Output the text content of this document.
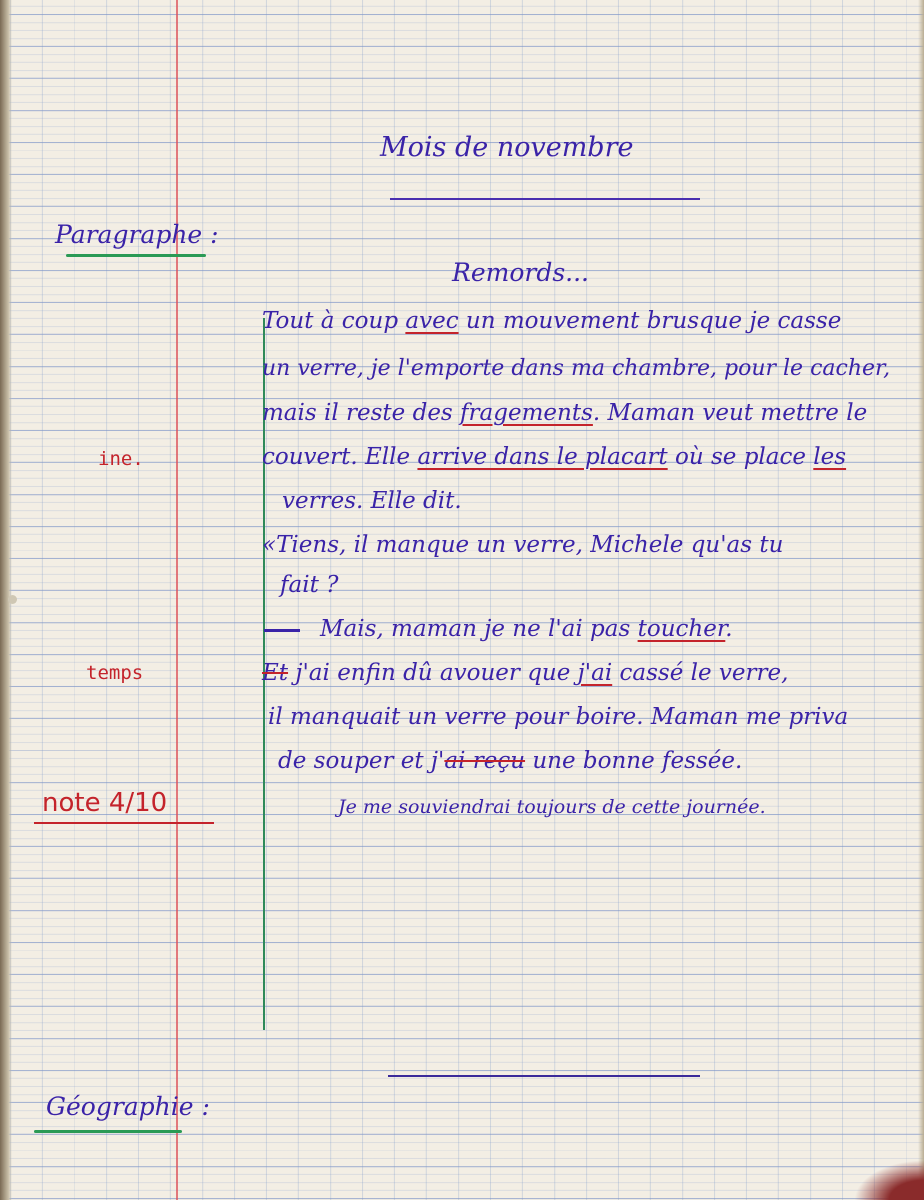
Mois de novembre
Paragraphe :
Remords...
Tout à coup avec un mouvement brusque je casse
un verre, je l'emporte dans ma chambre, pour le cacher,
mais il reste des fragements. Maman veut mettre le
couvert. Elle arrive dans le placart où se place les
verres. Elle dit.
«Tiens, il manque un verre, Michele qu'as tu
fait ?
Mais, maman je ne l'ai pas toucher.
Et j'ai enfin dû avouer que j'ai cassé le verre,
il manquait un verre pour boire. Maman me priva
de souper et j'ai reçu une bonne fessée.
Je me souviendrai toujours de cette journée.
ine.
temps
note 4/10
Géographie :
